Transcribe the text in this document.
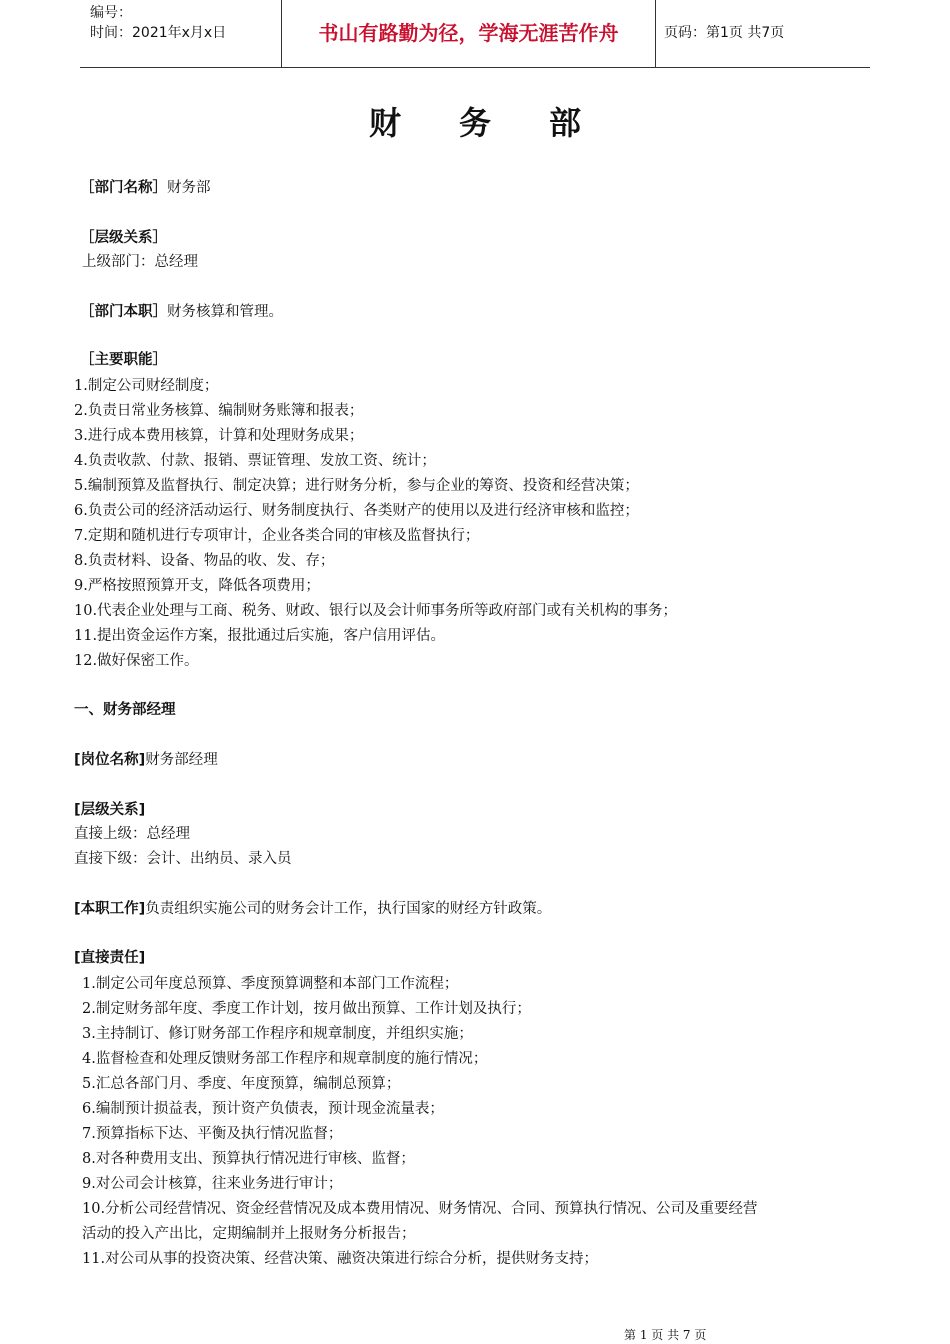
编号：
时间：2021年x月x日	书山有路勤为径，学海无涯苦作舟	页码：第1页 共7页
财务部
［部门名称］财务部
［层级关系］
上级部门：总经理
［部门本职］财务核算和管理。
［主要职能］
1.制定公司财经制度；
2.负责日常业务核算、编制财务账簿和报表；
3.进行成本费用核算，计算和处理财务成果；
4.负责收款、付款、报销、票证管理、发放工资、统计；
5.编制预算及监督执行、制定决算；进行财务分析，参与企业的筹资、投资和经营决策；
6.负责公司的经济活动运行、财务制度执行、各类财产的使用以及进行经济审核和监控；
7.定期和随机进行专项审计，企业各类合同的审核及监督执行；
8.负责材料、设备、物品的收、发、存；
9.严格按照预算开支，降低各项费用；
10.代表企业处理与工商、税务、财政、银行以及会计师事务所等政府部门或有关机构的事务；
11.提出资金运作方案，报批通过后实施，客户信用评估。
12.做好保密工作。
一、财务部经理
[岗位名称]财务部经理
[层级关系]
直接上级：总经理
直接下级：会计、出纳员、录入员
[本职工作]负责组织实施公司的财务会计工作，执行国家的财经方针政策。
[直接责任]
1.制定公司年度总预算、季度预算调整和本部门工作流程；
2.制定财务部年度、季度工作计划，按月做出预算、工作计划及执行；
3.主持制订、修订财务部工作程序和规章制度，并组织实施；
4.监督检查和处理反馈财务部工作程序和规章制度的施行情况；
5.汇总各部门月、季度、年度预算，编制总预算；
6.编制预计损益表，预计资产负债表，预计现金流量表；
7.预算指标下达、平衡及执行情况监督；
8.对各种费用支出、预算执行情况进行审核、监督；
9.对公司会计核算，往来业务进行审计；
10.分析公司经营情况、资金经营情况及成本费用情况、财务情况、合同、预算执行情况、公司及重要经营
活动的投入产出比，定期编制并上报财务分析报告；
11.对公司从事的投资决策、经营决策、融资决策进行综合分析，提供财务支持；
第 1 页 共 7 页
